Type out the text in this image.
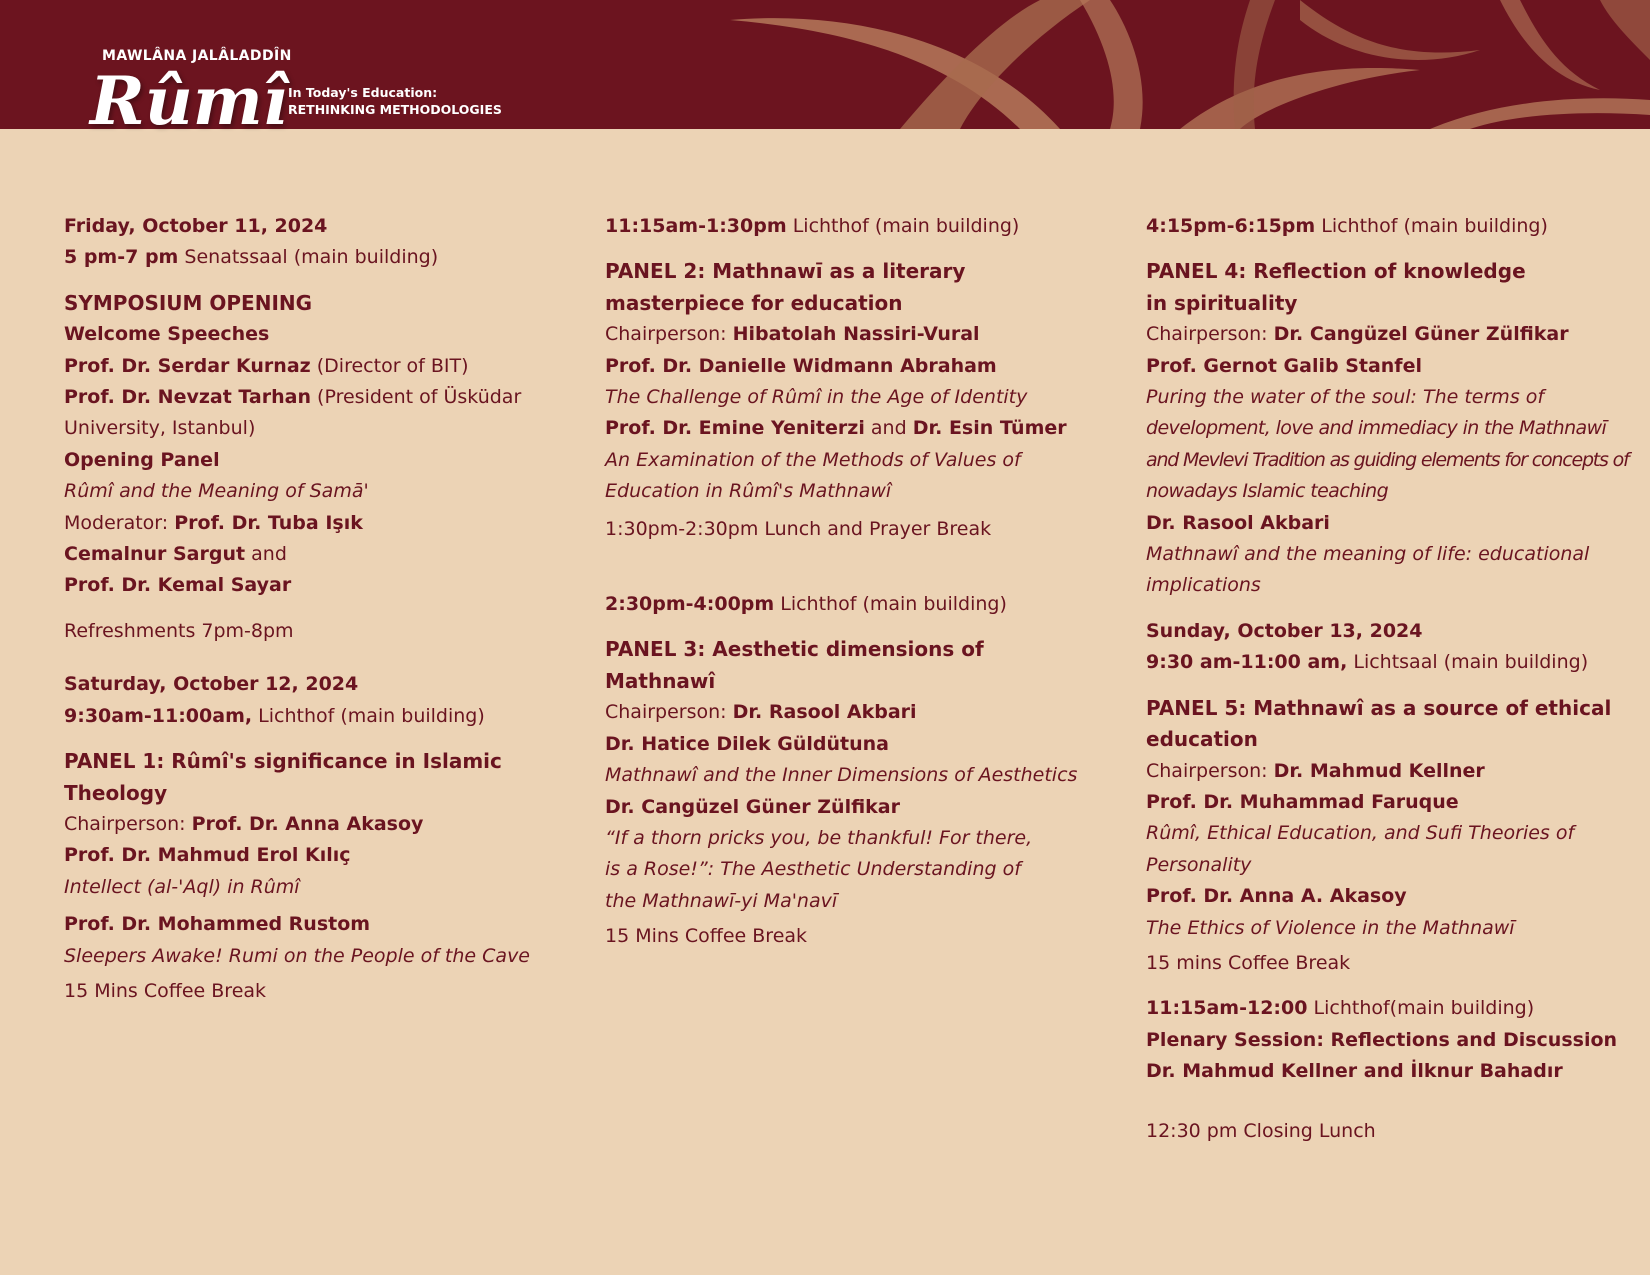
MAWLÂNA JALÂLADDÎN
Rûmî In Today's Education:
RETHINKING METHODOLOGIES
Friday, October 11, 2024
5 pm-7 pm Senatssaal (main building)
SYMPOSIUM OPENING
Welcome Speeches
Prof. Dr. Serdar Kurnaz (Director of BIT)
Prof. Dr. Nevzat Tarhan (President of Üsküdar
University, Istanbul)
Opening Panel
Rûmî and the Meaning of Samā'
Moderator: Prof. Dr. Tuba Işık
Cemalnur Sargut and
Prof. Dr. Kemal Sayar
Refreshments 7pm-8pm
Saturday, October 12, 2024
9:30am-11:00am, Lichthof (main building)
PANEL 1: Rûmî's significance in Islamic
Theology
Chairperson: Prof. Dr. Anna Akasoy
Prof. Dr. Mahmud Erol Kılıç
Intellect (al-'Aql) in Rûmî
Prof. Dr. Mohammed Rustom
Sleepers Awake! Rumi on the People of the Cave
15 Mins Coffee Break
11:15am-1:30pm Lichthof (main building)
PANEL 2: Mathnawī as a literary
masterpiece for education
Chairperson: Hibatolah Nassiri-Vural
Prof. Dr. Danielle Widmann Abraham
The Challenge of Rûmî in the Age of Identity
Prof. Dr. Emine Yeniterzi and Dr. Esin Tümer
An Examination of the Methods of Values of
Education in Rûmî's Mathnawî
1:30pm-2:30pm Lunch and Prayer Break
2:30pm-4:00pm Lichthof (main building)
PANEL 3: Aesthetic dimensions of
Mathnawî
Chairperson: Dr. Rasool Akbari
Dr. Hatice Dilek Güldütuna
Mathnawî and the Inner Dimensions of Aesthetics
Dr. Cangüzel Güner Zülfikar
“If a thorn pricks you, be thankful! For there,
is a Rose!”: The Aesthetic Understanding of
the Mathnawī-yi Ma'navī
15 Mins Coffee Break
4:15pm-6:15pm Lichthof (main building)
PANEL 4: Reflection of knowledge
in spirituality
Chairperson: Dr. Cangüzel Güner Zülfikar
Prof. Gernot Galib Stanfel
Puring the water of the soul: The terms of
development, love and immediacy in the Mathnawī
and Mevlevi Tradition as guiding elements for concepts of
nowadays Islamic teaching
Dr. Rasool Akbari
Mathnawî and the meaning of life: educational
implications
Sunday, October 13, 2024
9:30 am-11:00 am, Lichtsaal (main building)
PANEL 5: Mathnawî as a source of ethical
education
Chairperson: Dr. Mahmud Kellner
Prof. Dr. Muhammad Faruque
Rûmî, Ethical Education, and Sufi Theories of
Personality
Prof. Dr. Anna A. Akasoy
The Ethics of Violence in the Mathnawī
15 mins Coffee Break
11:15am-12:00 Lichthof(main building)
Plenary Session: Reflections and Discussion
Dr. Mahmud Kellner and İlknur Bahadır
12:30 pm Closing Lunch
